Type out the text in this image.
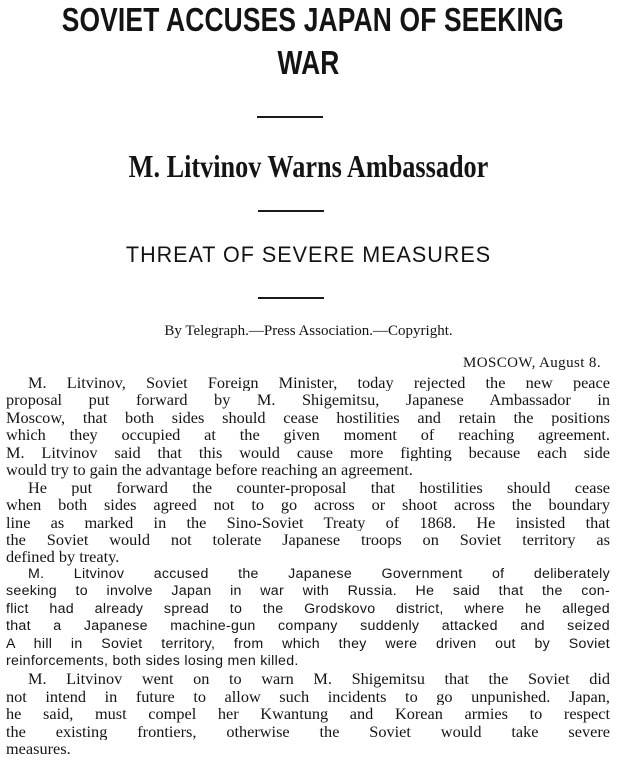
SOVIET ACCUSES JAPAN OF SEEKING
WAR
M. Litvinov Warns Ambassador
THREAT OF SEVERE MEASURES
By Telegraph.—Press Association.—Copyright.
MOSCOW, August 8.
M. Litvinov, Soviet Foreign Minister, today rejected the new peace
proposal put forward by M. Shigemitsu, Japanese Ambassador in
Moscow, that both sides should cease hostilities and retain the positions
which they occupied at the given moment of reaching agreement.
M. Litvinov said that this would cause more fighting because each side
would try to gain the advantage before reaching an agreement.
He put forward the counter-proposal that hostilities should cease
when both sides agreed not to go across or shoot across the boundary
line as marked in the Sino-Soviet Treaty of 1868. He insisted that
the Soviet would not tolerate Japanese troops on Soviet territory as
defined by treaty.
M. Litvinov accused the Japanese Government of deliberately
seeking to involve Japan in war with Russia. He said that the con-
flict had already spread to the Grodskovo district, where he alleged
that a Japanese machine-gun company suddenly attacked and seized
A hill in Soviet territory, from which they were driven out by Soviet
reinforcements, both sides losing men killed.
M. Litvinov went on to warn M. Shigemitsu that the Soviet did
not intend in future to allow such incidents to go unpunished. Japan,
he said, must compel her Kwantung and Korean armies to respect
the existing frontiers, otherwise the Soviet would take severe
measures.
